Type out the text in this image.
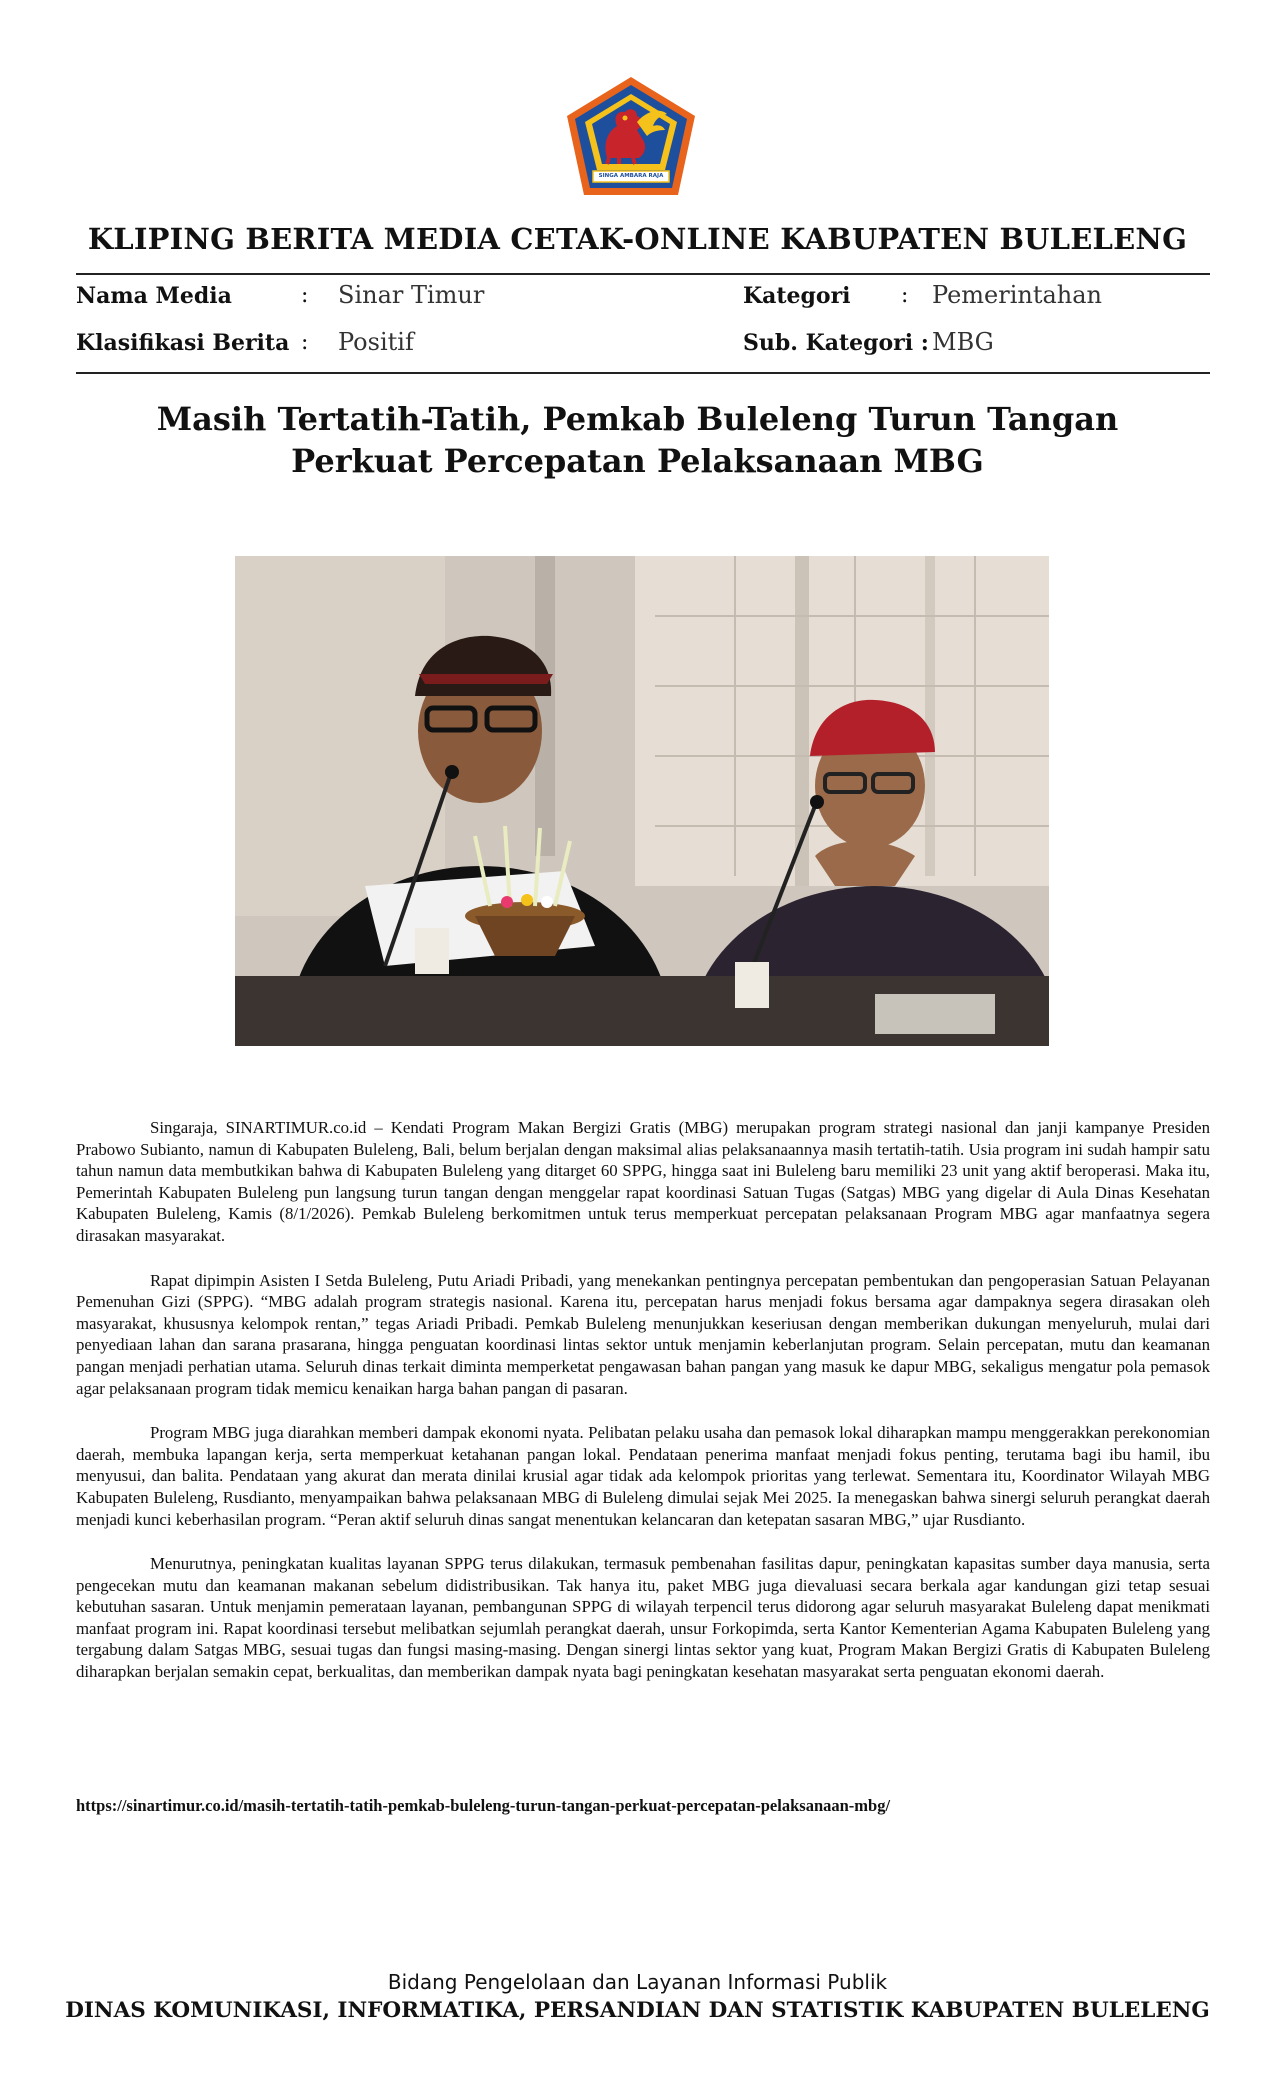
SINGA AMBARA RAJA
KLIPING BERITA MEDIA CETAK-ONLINE KABUPATEN BULELENG
Nama Media	: Sinar Timur	Kategori : Pemerintahan
Klasifikasi Berita : Positif	Sub. Kategori : MBG
Masih Tertatih-Tatih, Pemkab Buleleng Turun Tangan
Perkuat Percepatan Pelaksanaan MBG

Singaraja, SINARTIMUR.co.id – Kendati Program Makan Bergizi Gratis (MBG) merupakan program strategi nasional dan janji kampanye Presiden Prabowo Subianto, namun di Kabupaten Buleleng, Bali, belum berjalan dengan maksimal alias pelaksanaannya masih tertatih-tatih. Usia program ini sudah hampir satu tahun namun data membutkikan bahwa di Kabupaten Buleleng yang ditarget 60 SPPG, hingga saat ini Buleleng baru memiliki 23 unit yang aktif beroperasi. Maka itu, Pemerintah Kabupaten Buleleng pun langsung turun tangan dengan menggelar rapat koordinasi Satuan Tugas (Satgas) MBG yang digelar di Aula Dinas Kesehatan Kabupaten Buleleng, Kamis (8/1/2026). Pemkab Buleleng berkomitmen untuk terus memperkuat percepatan pelaksanaan Program MBG agar manfaatnya segera dirasakan masyarakat.

Rapat dipimpin Asisten I Setda Buleleng, Putu Ariadi Pribadi, yang menekankan pentingnya percepatan pembentukan dan pengoperasian Satuan Pelayanan Pemenuhan Gizi (SPPG). “MBG adalah program strategis nasional. Karena itu, percepatan harus menjadi fokus bersama agar dampaknya segera dirasakan oleh masyarakat, khususnya kelompok rentan,” tegas Ariadi Pribadi. Pemkab Buleleng menunjukkan keseriusan dengan memberikan dukungan menyeluruh, mulai dari penyediaan lahan dan sarana prasarana, hingga penguatan koordinasi lintas sektor untuk menjamin keberlanjutan program. Selain percepatan, mutu dan keamanan pangan menjadi perhatian utama. Seluruh dinas terkait diminta memperketat pengawasan bahan pangan yang masuk ke dapur MBG, sekaligus mengatur pola pemasok agar pelaksanaan program tidak memicu kenaikan harga bahan pangan di pasaran.

Program MBG juga diarahkan memberi dampak ekonomi nyata. Pelibatan pelaku usaha dan pemasok lokal diharapkan mampu menggerakkan perekonomian daerah, membuka lapangan kerja, serta memperkuat ketahanan pangan lokal. Pendataan penerima manfaat menjadi fokus penting, terutama bagi ibu hamil, ibu menyusui, dan balita. Pendataan yang akurat dan merata dinilai krusial agar tidak ada kelompok prioritas yang terlewat. Sementara itu, Koordinator Wilayah MBG Kabupaten Buleleng, Rusdianto, menyampaikan bahwa pelaksanaan MBG di Buleleng dimulai sejak Mei 2025. Ia menegaskan bahwa sinergi seluruh perangkat daerah menjadi kunci keberhasilan program. “Peran aktif seluruh dinas sangat menentukan kelancaran dan ketepatan sasaran MBG,” ujar Rusdianto.

Menurutnya, peningkatan kualitas layanan SPPG terus dilakukan, termasuk pembenahan fasilitas dapur, peningkatan kapasitas sumber daya manusia, serta pengecekan mutu dan keamanan makanan sebelum didistribusikan. Tak hanya itu, paket MBG juga dievaluasi secara berkala agar kandungan gizi tetap sesuai kebutuhan sasaran. Untuk menjamin pemerataan layanan, pembangunan SPPG di wilayah terpencil terus didorong agar seluruh masyarakat Buleleng dapat menikmati manfaat program ini. Rapat koordinasi tersebut melibatkan sejumlah perangkat daerah, unsur Forkopimda, serta Kantor Kementerian Agama Kabupaten Buleleng yang tergabung dalam Satgas MBG, sesuai tugas dan fungsi masing-masing. Dengan sinergi lintas sektor yang kuat, Program Makan Bergizi Gratis di Kabupaten Buleleng diharapkan berjalan semakin cepat, berkualitas, dan memberikan dampak nyata bagi peningkatan kesehatan masyarakat serta penguatan ekonomi daerah.

https://sinartimur.co.id/masih-tertatih-tatih-pemkab-buleleng-turun-tangan-perkuat-percepatan-pelaksanaan-mbg/
Bidang Pengelolaan dan Layanan Informasi Publik
DINAS KOMUNIKASI, INFORMATIKA, PERSANDIAN DAN STATISTIK KABUPATEN BULELENG
